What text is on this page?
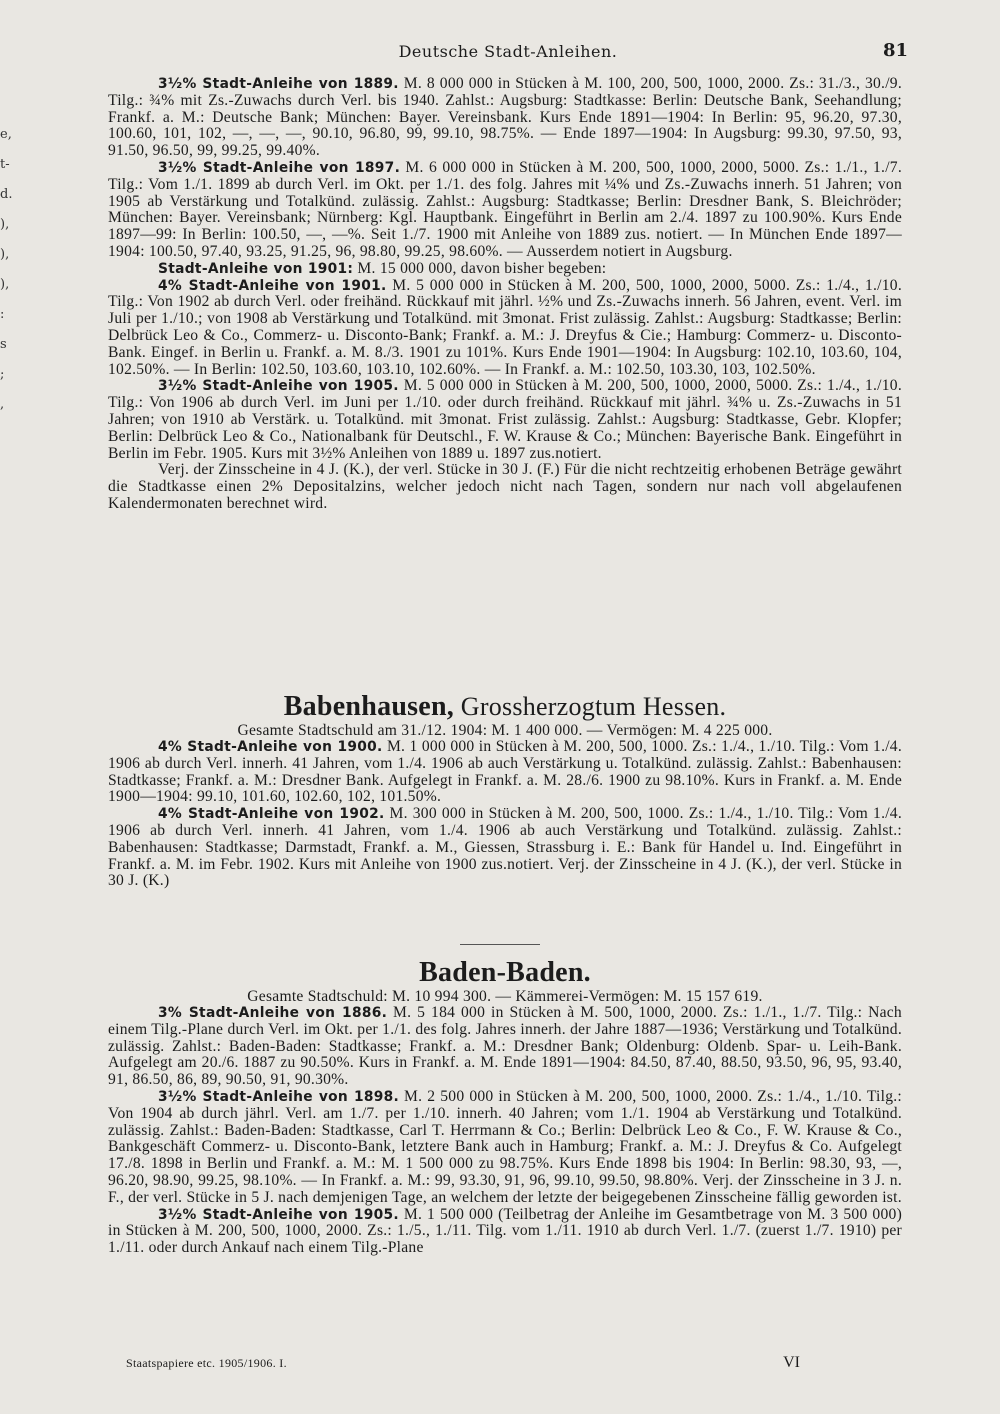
e,
t-
d.
),
),
),
:
s
;
,
Deutsche Stadt-Anleihen.	81

3½% Stadt-Anleihe von 1889. M. 8 000 000 in Stücken à M. 100, 200, 500, 1000, 2000. Zs.: 31./3., 30./9. Tilg.: ¾% mit Zs.-Zuwachs durch Verl. bis 1940. Zahlst.: Augsburg: Stadtkasse: Berlin: Deutsche Bank, Seehandlung; Frankf. a. M.: Deutsche Bank; München: Bayer. Vereinsbank. Kurs Ende 1891—1904: In Berlin: 95, 96.20, 97.30, 100.60, 101, 102, —, —, —, 90.10, 96.80, 99, 99.10, 98.75%. — Ende 1897—1904: In Augsburg: 99.30, 97.50, 93, 91.50, 96.50, 99, 99.25, 99.40%.

3½% Stadt-Anleihe von 1897. M. 6 000 000 in Stücken à M. 200, 500, 1000, 2000, 5000. Zs.: 1./1., 1./7. Tilg.: Vom 1./1. 1899 ab durch Verl. im Okt. per 1./1. des folg. Jahres mit ¼% und Zs.-Zuwachs innerh. 51 Jahren; von 1905 ab Verstärkung und Totalkünd. zulässig. Zahlst.: Augsburg: Stadtkasse; Berlin: Dresdner Bank, S. Bleichröder; München: Bayer. Vereinsbank; Nürnberg: Kgl. Hauptbank. Eingeführt in Berlin am 2./4. 1897 zu 100.90%. Kurs Ende 1897—99: In Berlin: 100.50, —, —%. Seit 1./7. 1900 mit Anleihe von 1889 zus. notiert. — In München Ende 1897—1904: 100.50, 97.40, 93.25, 91.25, 96, 98.80, 99.25, 98.60%. — Ausserdem notiert in Augsburg.

Stadt-Anleihe von 1901: M. 15 000 000, davon bisher begeben:

4% Stadt-Anleihe von 1901. M. 5 000 000 in Stücken à M. 200, 500, 1000, 2000, 5000. Zs.: 1./4., 1./10. Tilg.: Von 1902 ab durch Verl. oder freihänd. Rückkauf mit jährl. ½% und Zs.-Zuwachs innerh. 56 Jahren, event. Verl. im Juli per 1./10.; von 1908 ab Verstärkung und Totalkünd. mit 3monat. Frist zulässig. Zahlst.: Augsburg: Stadtkasse; Berlin: Delbrück Leo & Co., Commerz- u. Disconto-Bank; Frankf. a. M.: J. Dreyfus & Cie.; Hamburg: Commerz- u. Disconto-Bank. Eingef. in Berlin u. Frankf. a. M. 8./3. 1901 zu 101%. Kurs Ende 1901—1904: In Augsburg: 102.10, 103.60, 104, 102.50%. — In Berlin: 102.50, 103.60, 103.10, 102.60%. — In Frankf. a. M.: 102.50, 103.30, 103, 102.50%.

3½% Stadt-Anleihe von 1905. M. 5 000 000 in Stücken à M. 200, 500, 1000, 2000, 5000. Zs.: 1./4., 1./10. Tilg.: Von 1906 ab durch Verl. im Juni per 1./10. oder durch freihänd. Rückkauf mit jährl. ¾% u. Zs.-Zuwachs in 51 Jahren; von 1910 ab Verstärk. u. Totalkünd. mit 3monat. Frist zulässig. Zahlst.: Augsburg: Stadtkasse, Gebr. Klopfer; Berlin: Delbrück Leo & Co., Nationalbank für Deutschl., F. W. Krause & Co.; München: Bayerische Bank. Eingeführt in Berlin im Febr. 1905. Kurs mit 3½% Anleihen von 1889 u. 1897 zus.notiert.

Verj. der Zinsscheine in 4 J. (K.), der verl. Stücke in 30 J. (F.) Für die nicht rechtzeitig erhobenen Beträge gewährt die Stadtkasse einen 2% Depositalzins, welcher jedoch nicht nach Tagen, sondern nur nach voll abgelaufenen Kalendermonaten berechnet wird.

Babenhausen, Grossherzogtum Hessen.

Gesamte Stadtschuld am 31./12. 1904: M. 1 400 000. — Vermögen: M. 4 225 000.

4% Stadt-Anleihe von 1900. M. 1 000 000 in Stücken à M. 200, 500, 1000. Zs.: 1./4., 1./10. Tilg.: Vom 1./4. 1906 ab durch Verl. innerh. 41 Jahren, vom 1./4. 1906 ab auch Verstärkung u. Totalkünd. zulässig. Zahlst.: Babenhausen: Stadtkasse; Frankf. a. M.: Dresdner Bank. Aufgelegt in Frankf. a. M. 28./6. 1900 zu 98.10%. Kurs in Frankf. a. M. Ende 1900—1904: 99.10, 101.60, 102.60, 102, 101.50%.

4% Stadt-Anleihe von 1902. M. 300 000 in Stücken à M. 200, 500, 1000. Zs.: 1./4., 1./10. Tilg.: Vom 1./4. 1906 ab durch Verl. innerh. 41 Jahren, vom 1./4. 1906 ab auch Verstärkung und Totalkünd. zulässig. Zahlst.: Babenhausen: Stadtkasse; Darmstadt, Frankf. a. M., Giessen, Strassburg i. E.: Bank für Handel u. Ind. Eingeführt in Frankf. a. M. im Febr. 1902. Kurs mit Anleihe von 1900 zus.notiert. Verj. der Zinsscheine in 4 J. (K.), der verl. Stücke in 30 J. (K.)

Baden-Baden.

Gesamte Stadtschuld: M. 10 994 300. — Kämmerei-Vermögen: M. 15 157 619.

3% Stadt-Anleihe von 1886. M. 5 184 000 in Stücken à M. 500, 1000, 2000. Zs.: 1./1., 1./7. Tilg.: Nach einem Tilg.-Plane durch Verl. im Okt. per 1./1. des folg. Jahres innerh. der Jahre 1887—1936; Verstärkung und Totalkünd. zulässig. Zahlst.: Baden-Baden: Stadtkasse; Frankf. a. M.: Dresdner Bank; Oldenburg: Oldenb. Spar- u. Leih-Bank. Aufgelegt am 20./6. 1887 zu 90.50%. Kurs in Frankf. a. M. Ende 1891—1904: 84.50, 87.40, 88.50, 93.50, 96, 95, 93.40, 91, 86.50, 86, 89, 90.50, 91, 90.30%.

3½% Stadt-Anleihe von 1898. M. 2 500 000 in Stücken à M. 200, 500, 1000, 2000. Zs.: 1./4., 1./10. Tilg.: Von 1904 ab durch jährl. Verl. am 1./7. per 1./10. innerh. 40 Jahren; vom 1./1. 1904 ab Verstärkung und Totalkünd. zulässig. Zahlst.: Baden-Baden: Stadtkasse, Carl T. Herrmann & Co.; Berlin: Delbrück Leo & Co., F. W. Krause & Co., Bankgeschäft Commerz- u. Disconto-Bank, letztere Bank auch in Hamburg; Frankf. a. M.: J. Dreyfus & Co. Aufgelegt 17./8. 1898 in Berlin und Frankf. a. M.: M. 1 500 000 zu 98.75%. Kurs Ende 1898 bis 1904: In Berlin: 98.30, 93, —, 96.20, 98.90, 99.25, 98.10%. — In Frankf. a. M.: 99, 93.30, 91, 96, 99.10, 99.50, 98.80%. Verj. der Zinsscheine in 3 J. n. F., der verl. Stücke in 5 J. nach demjenigen Tage, an welchem der letzte der beigegebenen Zinsscheine fällig geworden ist.

3½% Stadt-Anleihe von 1905. M. 1 500 000 (Teilbetrag der Anleihe im Gesamtbetrage von M. 3 500 000) in Stücken à M. 200, 500, 1000, 2000. Zs.: 1./5., 1./11. Tilg. vom 1./11. 1910 ab durch Verl. 1./7. (zuerst 1./7. 1910) per 1./11. oder durch Ankauf nach einem Tilg.-Plane

Staatspapiere etc. 1905/1906. I.	VI
